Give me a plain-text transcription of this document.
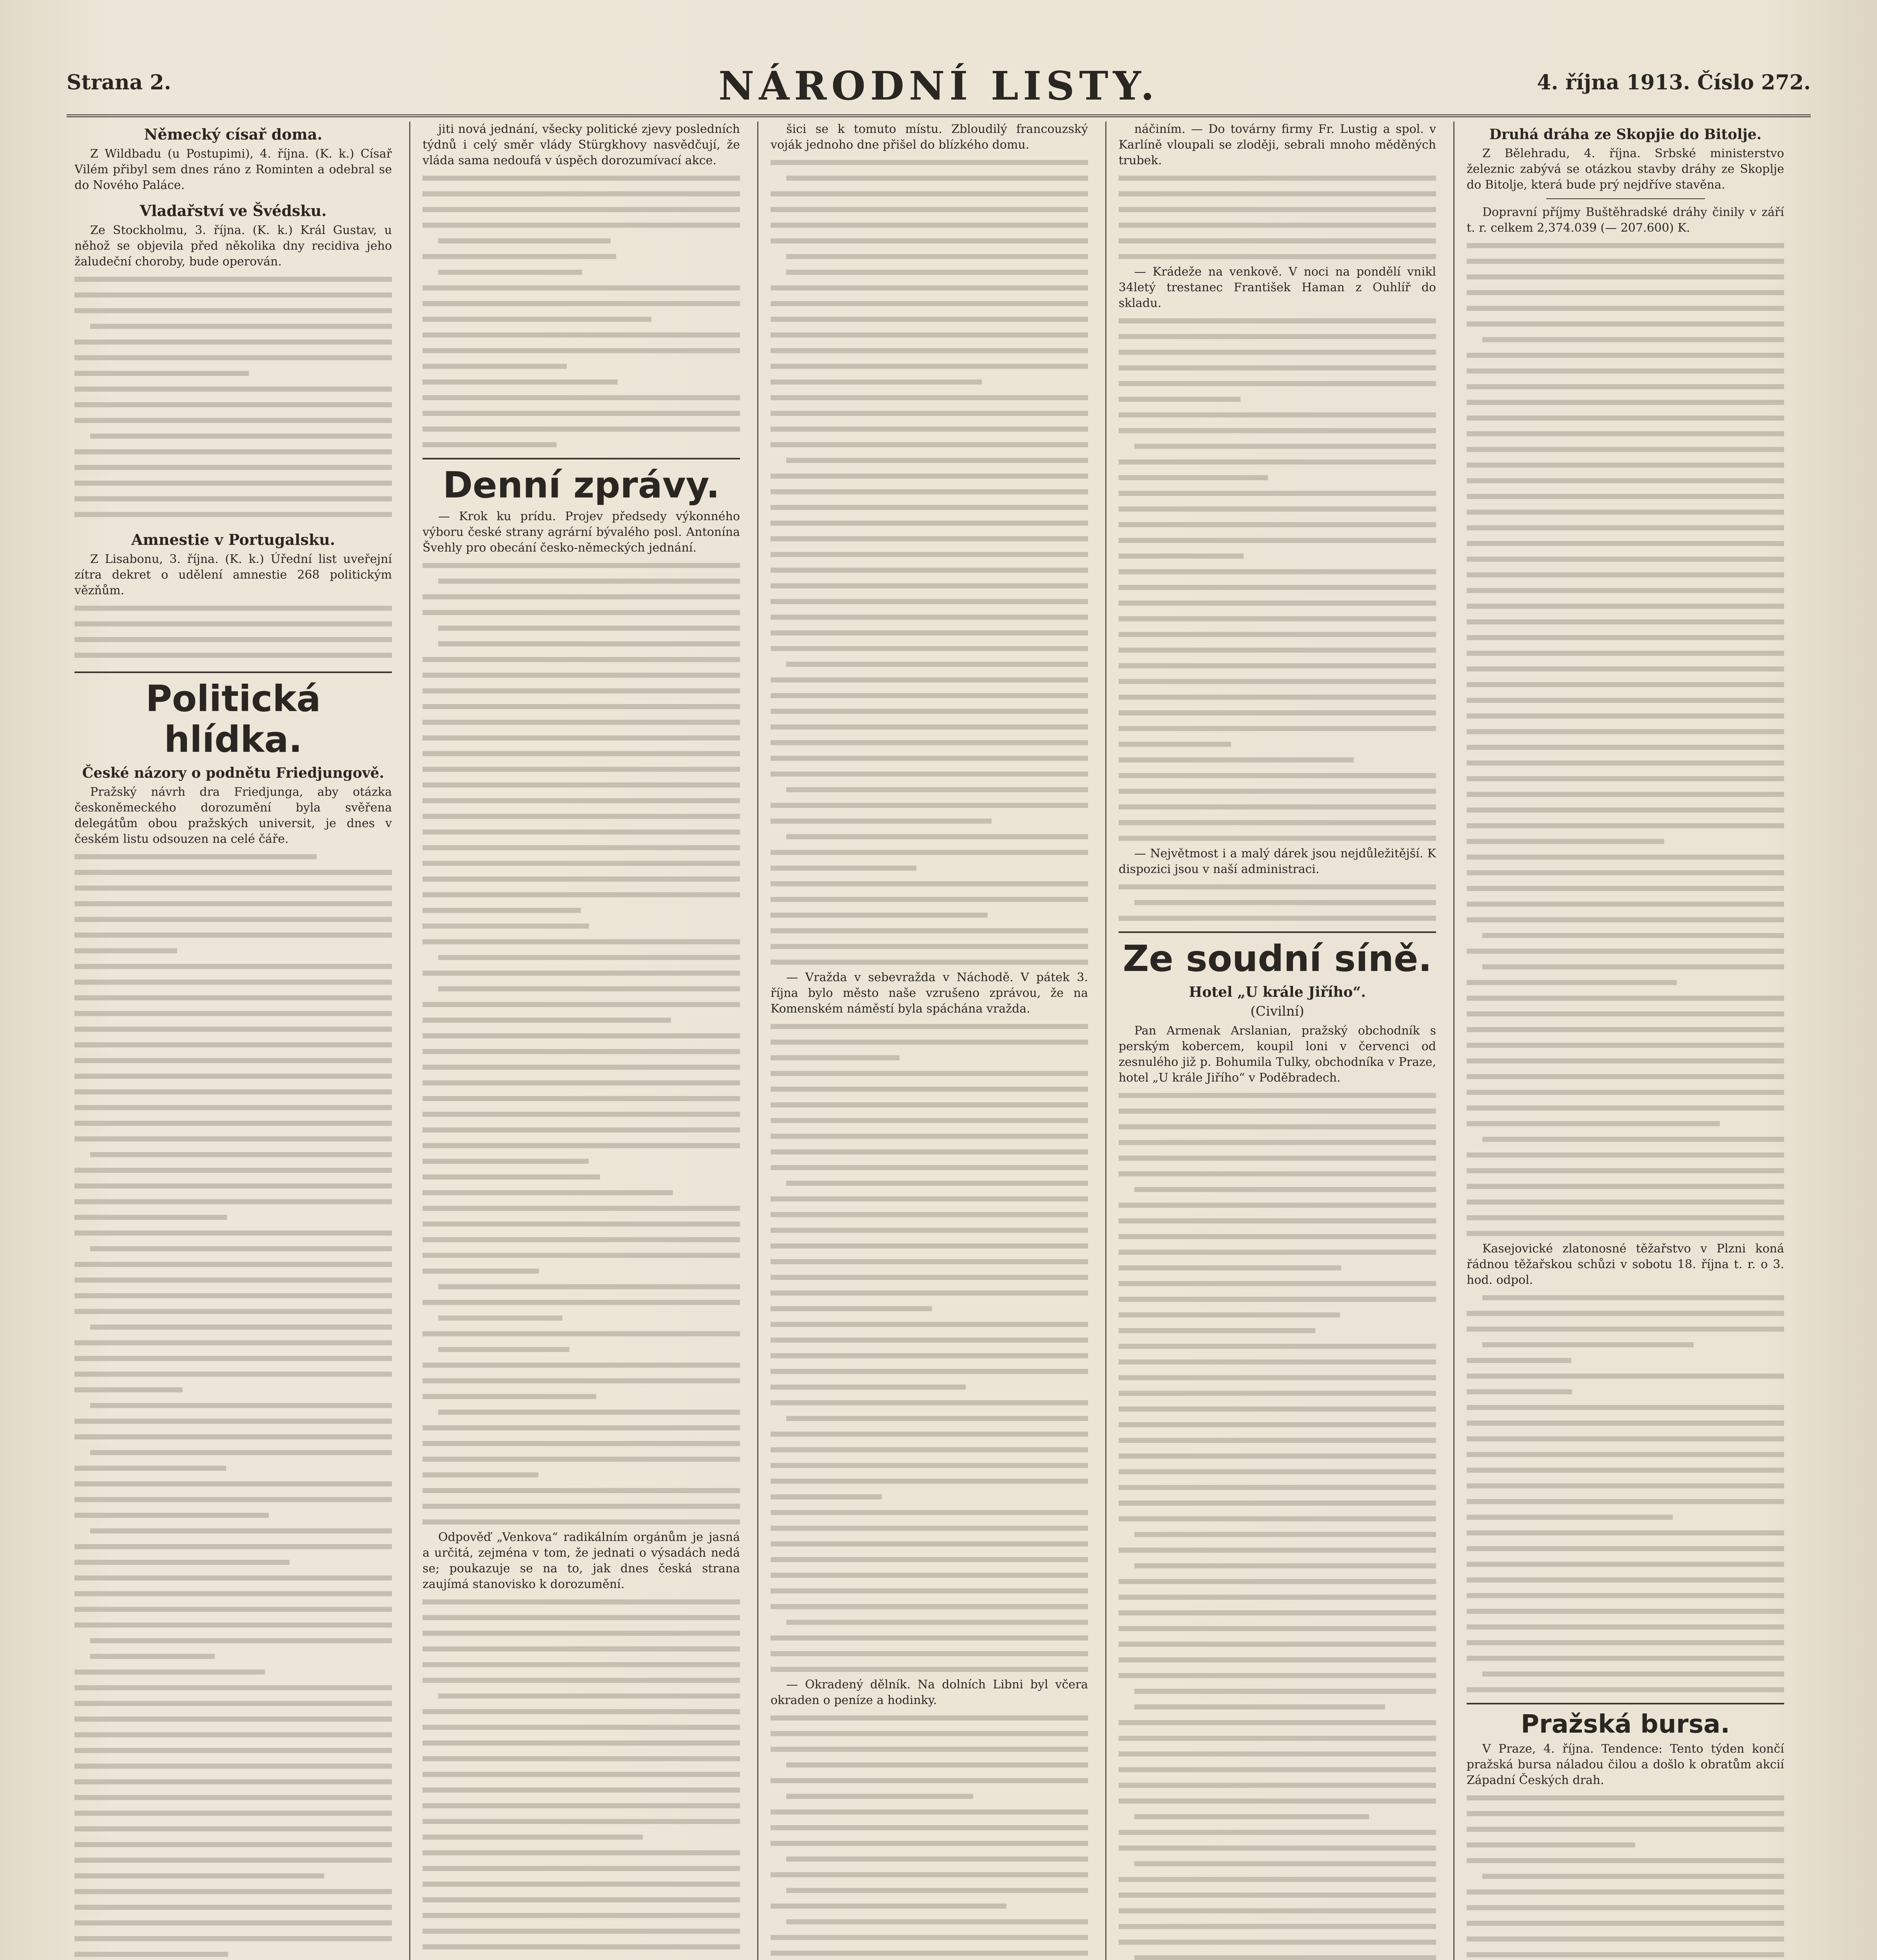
Strana 2.	NÁRODNÍ LISTY.	4. října 1913. Číslo 272.
Německý císař doma.

Z Wildbadu (u Postupimi), 4. října. (K. k.) Císař Vilém přibyl sem dnes ráno z Rominten a odebral se do Nového Paláce.

Vladařství ve Švédsku.

Ze Stockholmu, 3. října. (K. k.) Král Gustav, u něhož se objevila před několika dny recidiva jeho žaludeční choroby, bude operován.

Amnestie v Portugalsku.

Z Lisabonu, 3. října. (K. k.) Úřední list uveřejní zítra dekret o udělení amnestie 268 politickým vězňům.

Politická hlídka.
České názory o podnětu Friedjungově.

Pražský návrh dra Friedjunga, aby otázka českoněmeckého dorozumění byla svěřena delegátům obou pražských universit, je dnes v českém listu odsouzen na celé čáře.

jiti nová jednání, všecky politické zjevy posledních týdnů i celý směr vlády Stürgkhovy nasvědčují, že vláda sama nedoufá v úspěch dorozumívací akce.

Denní zprávy.

— Krok ku prídu. Projev předsedy výkonného výboru české strany agrární bývalého posl. Antonína Švehly pro obecání česko-německých jednání.

Odpověď „Venkova“ radikálním orgánům je jasná a určitá, zejména v tom, že jednati o výsadách nedá se; poukazuje se na to, jak dnes česká strana zaujímá stanovisko k dorozumění.

šici se k tomuto místu. Zbloudilý francouzský voják jednoho dne přišel do blízkého domu.

— Vražda v sebevražda v Náchodě. V pátek 3. října bylo město naše vzrušeno zprávou, že na Komenském náměstí byla spáchána vražda.

— Okradený dělník. Na dolních Libni byl včera okraden o peníze a hodinky.

náčiním. — Do továrny firmy Fr. Lustig a spol. v Karlíně vloupali se zloději, sebrali mnoho měděných trubek.

— Krádeže na venkově. V noci na pondělí vnikl 34letý trestanec František Haman z Ouhlíř do skladu.

— Největmost i a malý dárek jsou nejdůležitější. K dispozici jsou v naší administraci.

Ze soudní síně.
Hotel „U krále Jiřího“.
(Civilní)

Pan Armenak Arslanian, pražský obchodník s perským kobercem, koupil loni v červenci od zesnulého již p. Bohumila Tulky, obchodníka v Praze, hotel „U krále Jiřího“ v Poděbradech.

Druhá dráha ze Skopjie do Bitolje.

Z Bělehradu, 4. října. Srbské ministerstvo železnic zabývá se otázkou stavby dráhy ze Skoplje do Bitolje, která bude prý nejdříve stavěna.

Dopravní příjmy Buštěhradské dráhy činily v září t. r. celkem 2,374.039 (— 207.600) K.

Kasejovické zlatonosné těžařstvo v Plzni koná řádnou těžařskou schůzi v sobotu 18. října t. r. o 3. hod. odpol.

Pražská bursa.

V Praze, 4. října. Tendence: Tento týden končí pražská bursa náladou čilou a došlo k obratům akcií Západní Českých drah.
